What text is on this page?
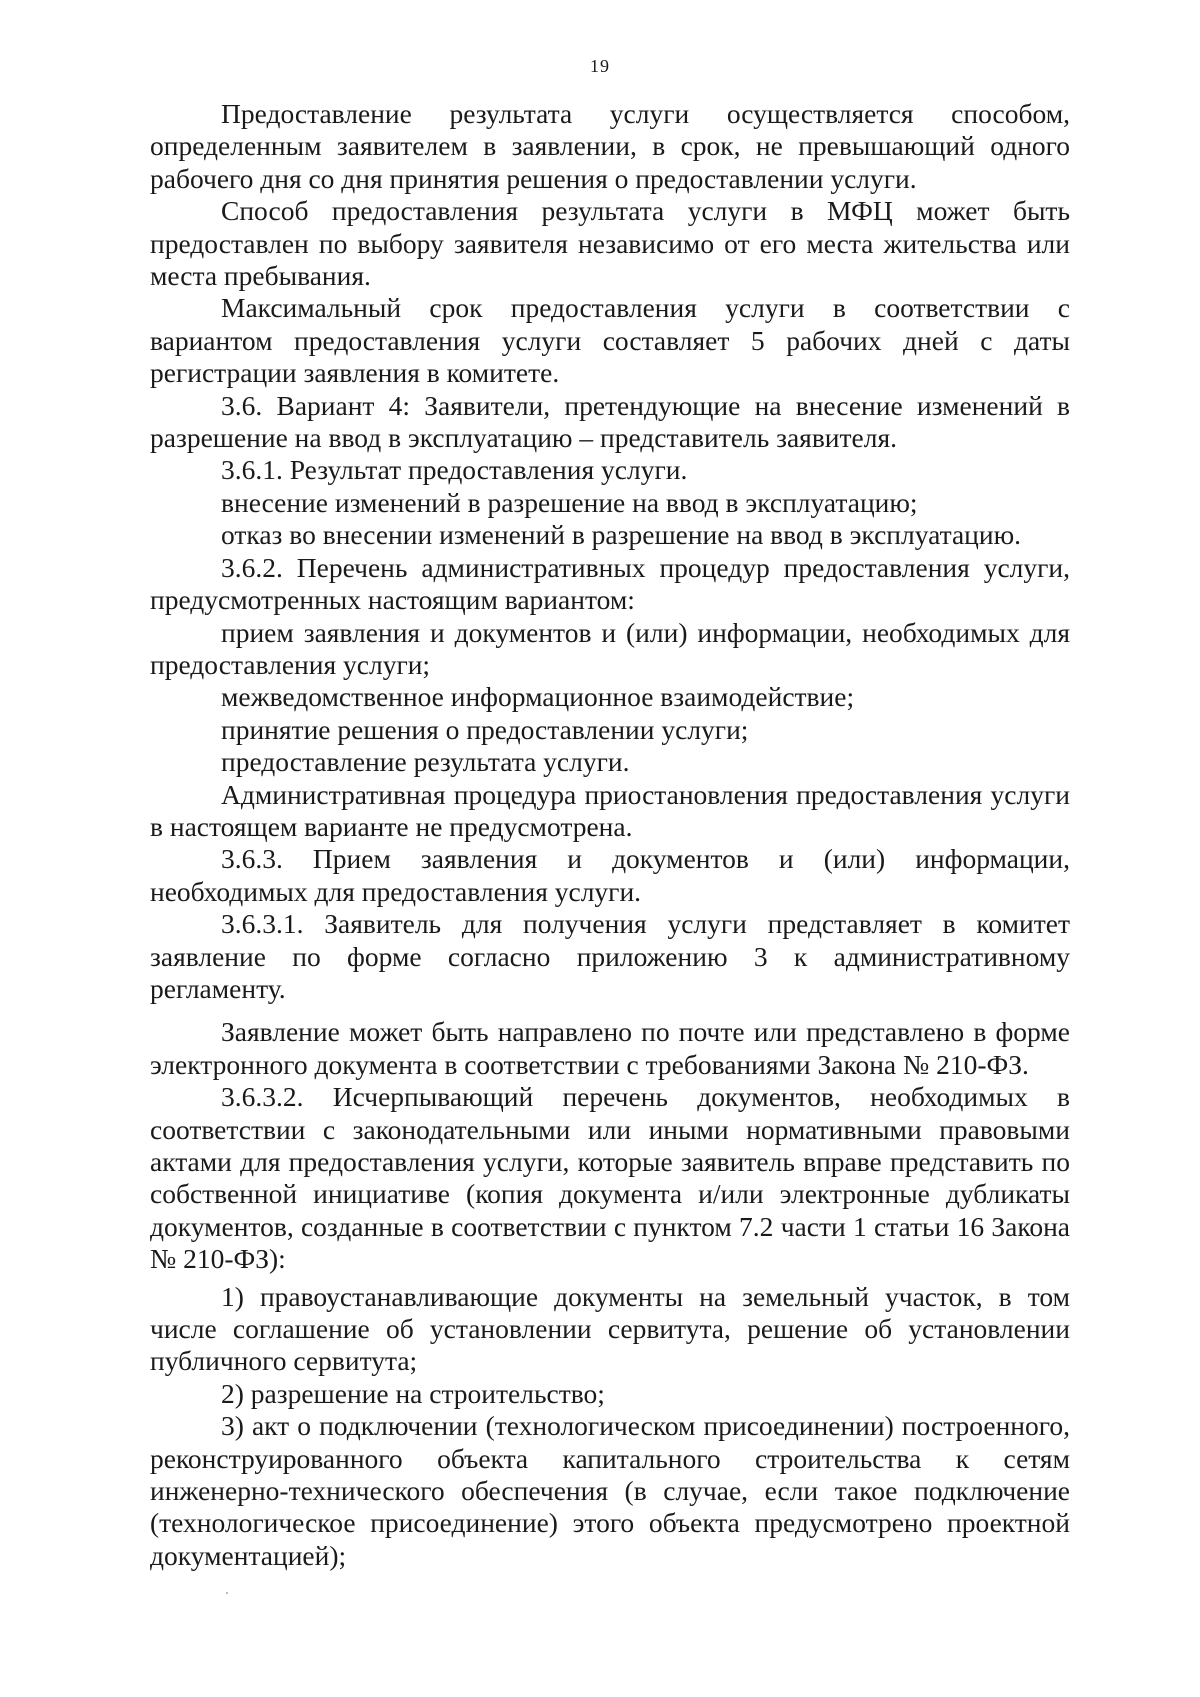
19

Предоставление результата услуги осуществляется способом, определенным заявителем в заявлении, в срок, не превышающий одного рабочего дня со дня принятия решения о предоставлении услуги.

Способ предоставления результата услуги в МФЦ может быть предоставлен по выбору заявителя независимо от его места жительства или места пребывания.

Максимальный срок предоставления услуги в соответствии с вариантом предоставления услуги составляет 5 рабочих дней с даты регистрации заявления в комитете.

3.6. Вариант 4: Заявители, претендующие на внесение изменений в разрешение на ввод в эксплуатацию – представитель заявителя.

3.6.1. Результат предоставления услуги.

внесение изменений в разрешение на ввод в эксплуатацию;

отказ во внесении изменений в разрешение на ввод в эксплуатацию.

3.6.2. Перечень административных процедур предоставления услуги, предусмотренных настоящим вариантом:

прием заявления и документов и (или) информации, необходимых для предоставления услуги;

межведомственное информационное взаимодействие;

принятие решения о предоставлении услуги;

предоставление результата услуги.

Административная процедура приостановления предоставления услуги в настоящем варианте не предусмотрена.

3.6.3. Прием заявления и документов и (или) информации, необходимых для предоставления услуги.

3.6.3.1. Заявитель для получения услуги представляет в комитет заявление по форме согласно приложению 3 к административному регламенту.

Заявление может быть направлено по почте или представлено в форме электронного документа в соответствии с требованиями Закона № 210-ФЗ.

3.6.3.2. Исчерпывающий перечень документов, необходимых в соответствии с законодательными или иными нормативными правовыми актами для предоставления услуги, которые заявитель вправе представить по собственной инициативе (копия документа и/или электронные дубликаты документов, созданные в соответствии с пунктом 7.2 части 1 статьи 16 Закона № 210-ФЗ):

1) правоустанавливающие документы на земельный участок, в том числе соглашение об установлении сервитута, решение об установлении публичного сервитута;

2) разрешение на строительство;

3) акт о подключении (технологическом присоединении) построенного, реконструированного объекта капитального строительства к сетям инженерно-технического обеспечения (в случае, если такое подключение (технологическое присоединение) этого объекта предусмотрено проектной документацией);
